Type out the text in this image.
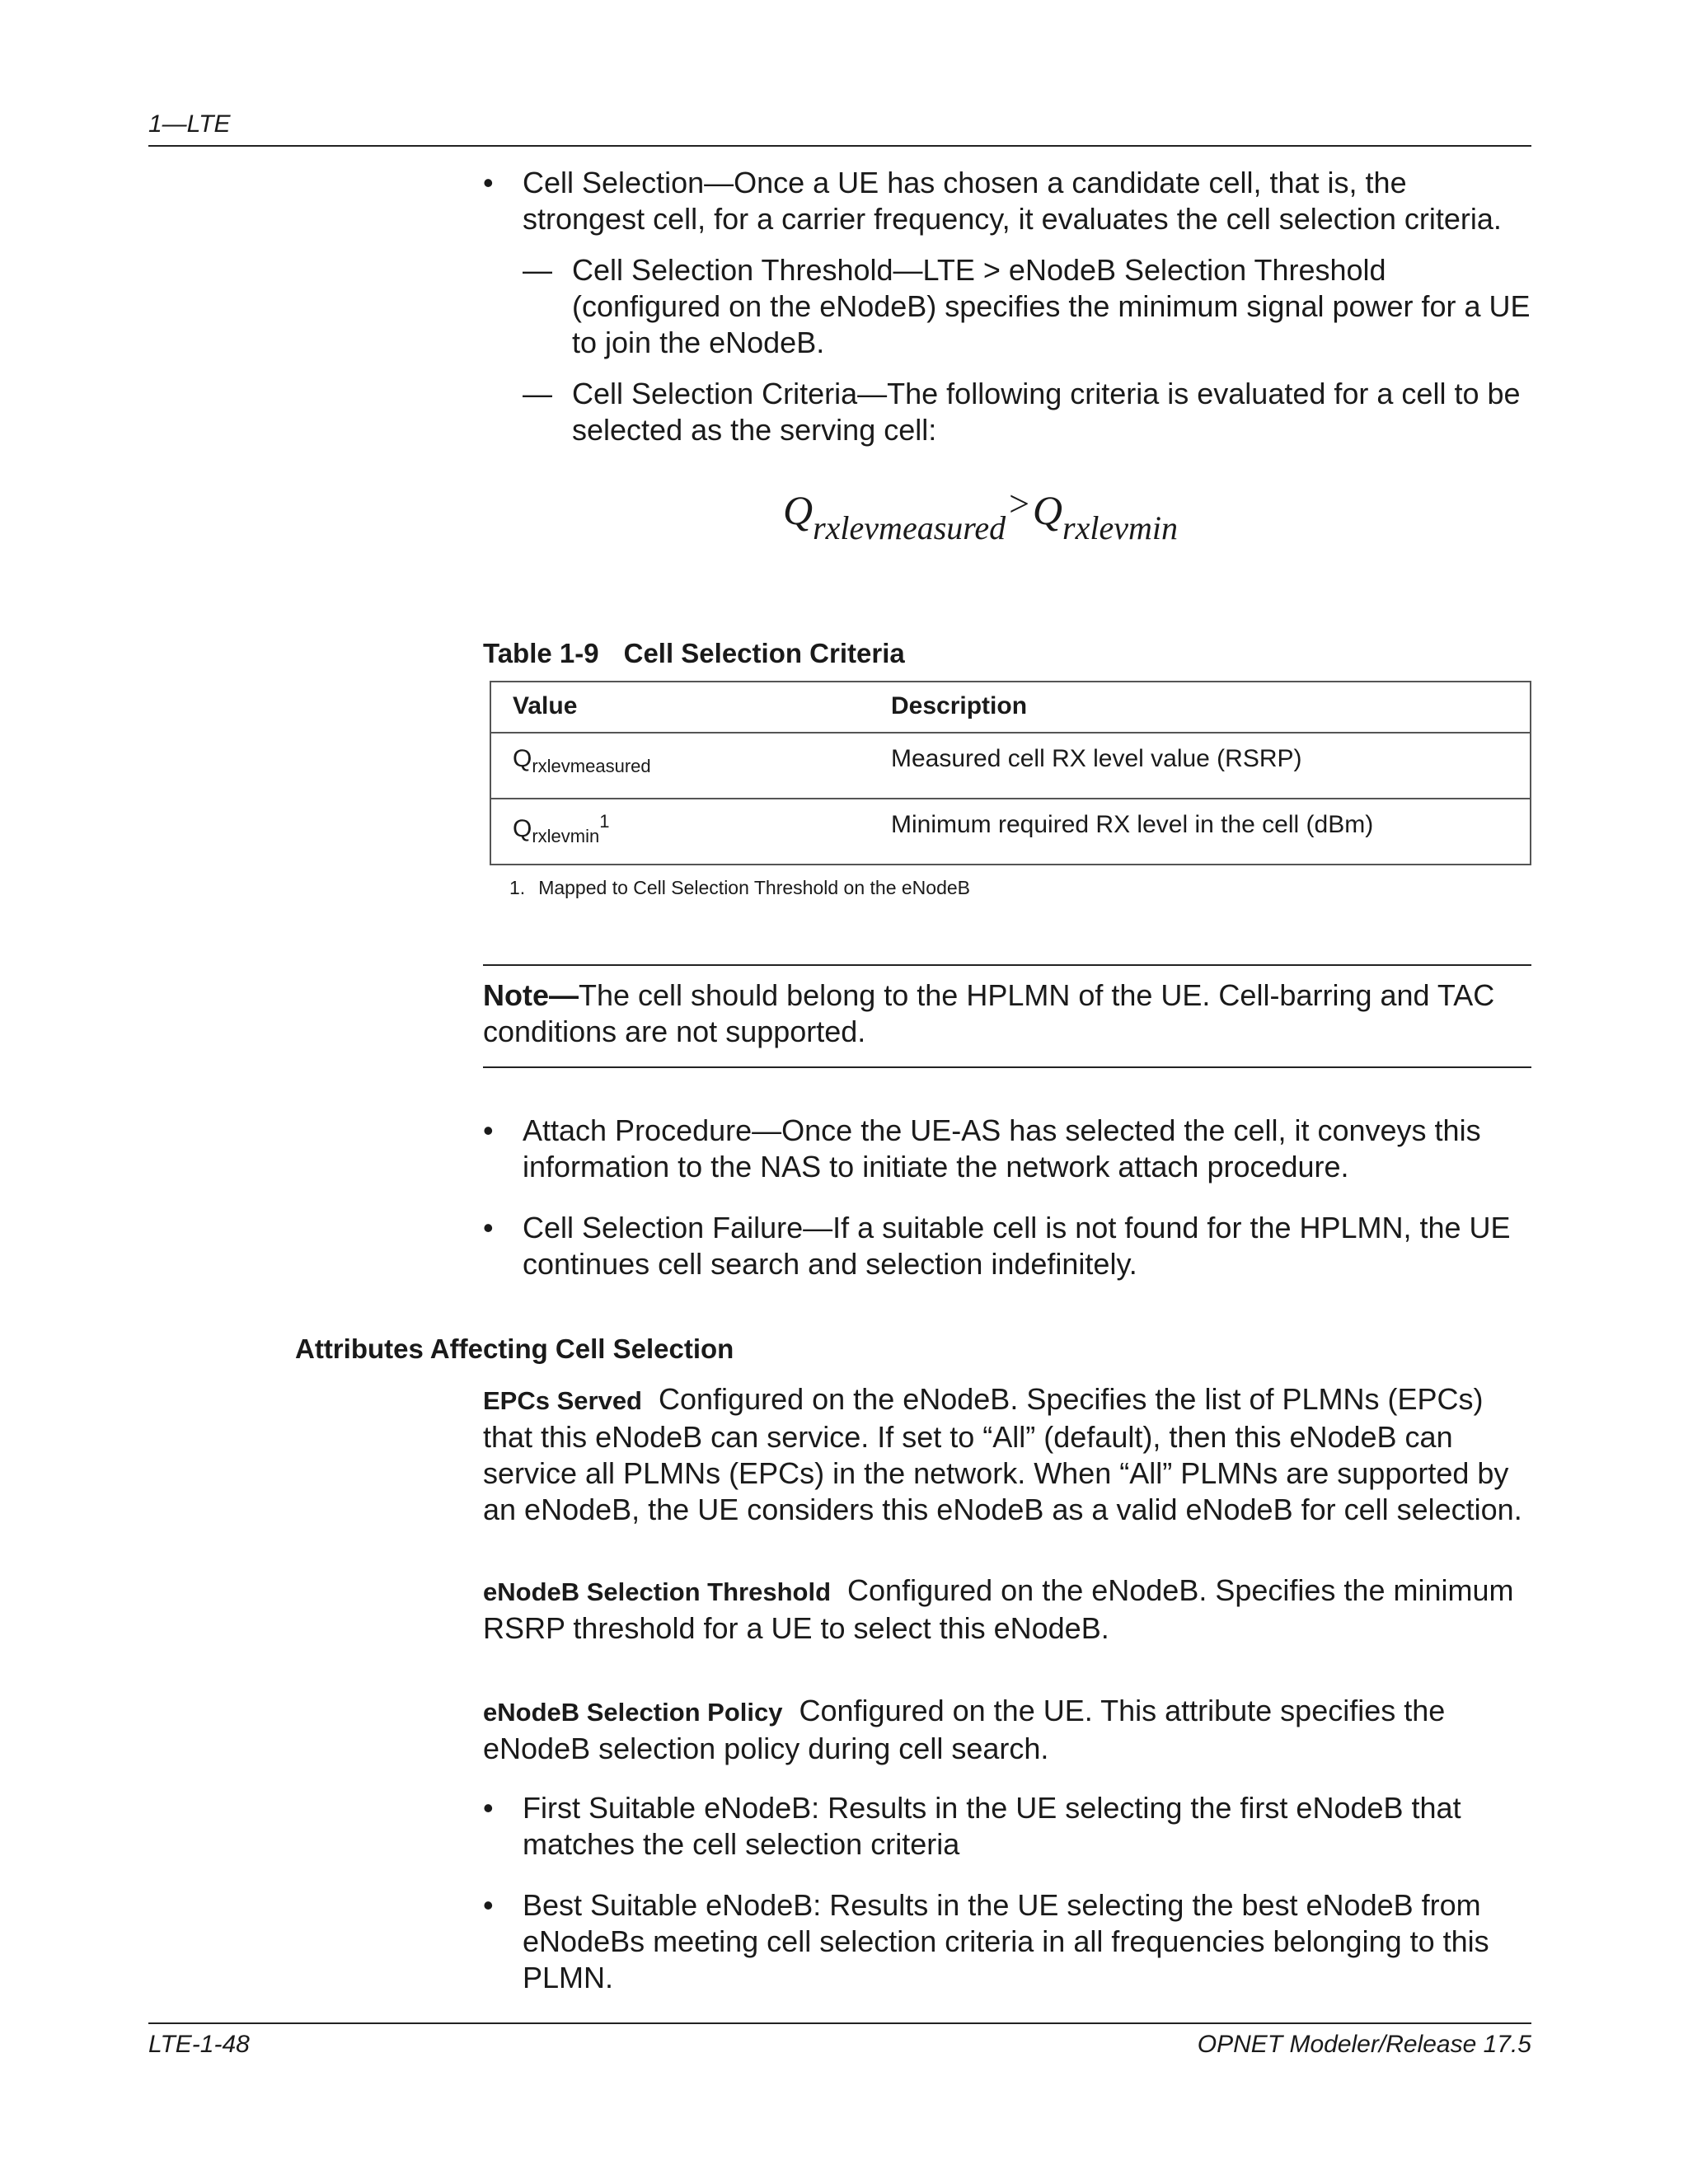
1—LTE
• Cell Selection—Once a UE has chosen a candidate cell, that is, the strongest cell, for a carrier frequency, it evaluates the cell selection criteria.
— Cell Selection Threshold—LTE > eNodeB Selection Threshold (configured on the eNodeB) specifies the minimum signal power for a UE to join the eNodeB.
— Cell Selection Criteria—The following criteria is evaluated for a cell to be selected as the serving cell:
$Q_{rxlevmeasured}>Q_{rxlevmin}$
Table 1-9 Cell Selection Criteria
Value	Description
$Q_{rxlevmeasured}$	Measured cell RX level value (RSRP)
$Q_{rxlevmin}^1$	Minimum required RX level in the cell (dBm)
1. Mapped to Cell Selection Threshold on the eNodeB
Note—The cell should belong to the HPLMN of the UE. Cell-barring and TAC conditions are not supported.
• Attach Procedure—Once the UE-AS has selected the cell, it conveys this information to the NAS to initiate the network attach procedure.
• Cell Selection Failure—If a suitable cell is not found for the HPLMN, the UE continues cell search and selection indefinitely.
Attributes Affecting Cell Selection
EPCs Served Configured on the eNodeB. Specifies the list of PLMNs (EPCs) that this eNodeB can service. If set to “All” (default), then this eNodeB can service all PLMNs (EPCs) in the network. When “All” PLMNs are supported by an eNodeB, the UE considers this eNodeB as a valid eNodeB for cell selection.
eNodeB Selection Threshold Configured on the eNodeB. Specifies the minimum RSRP threshold for a UE to select this eNodeB.
eNodeB Selection Policy Configured on the UE. This attribute specifies the eNodeB selection policy during cell search.
• First Suitable eNodeB: Results in the UE selecting the first eNodeB that matches the cell selection criteria
• Best Suitable eNodeB: Results in the UE selecting the best eNodeB from eNodeBs meeting cell selection criteria in all frequencies belonging to this PLMN.
LTE-1-48	OPNET Modeler/Release 17.5
